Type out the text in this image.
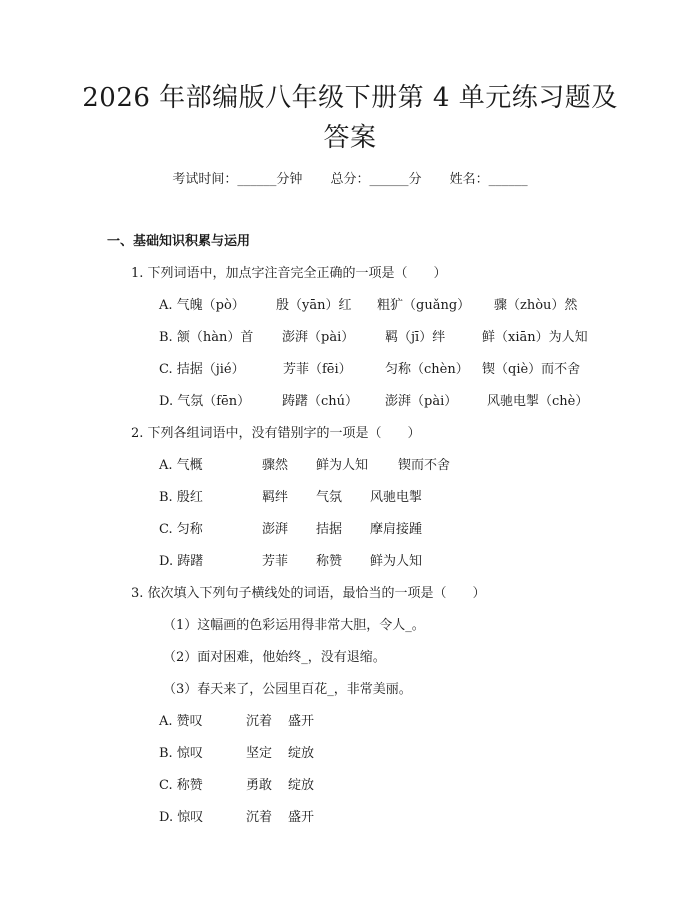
2026 年部编版八年级下册第 4 单元练习题及
答案
考试时间：______分钟 总分：______分 姓名：______
一、基础知识积累与运用
1. 下列词语中，加点字注音完全正确的一项是（　　）
A. 气魄（pò） 殷（yān）红 粗犷（guǎng） 骤（zhòu）然
B. 颔（hàn）首 澎湃（pài） 羁（jī）绊	鲜（xiān）为人知
C. 拮据（jié）	芳菲（fēi）	匀称（chèn） 锲（qiè）而不舍
D. 气氛（fēn） 踌躇（chú） 澎湃（pài） 风驰电掣（chè）
2. 下列各组词语中，没有错别字的一项是（　　）
A. 气概	骤然 鲜为人知 锲而不舍
B. 殷红	羁绊 气氛 风驰电掣
C. 匀称	澎湃 拮据 摩肩接踵
D. 踌躇	芳菲 称赞 鲜为人知
3. 依次填入下列句子横线处的词语，最恰当的一项是（　　）
（1）这幅画的色彩运用得非常大胆，令人_。
（2）面对困难，他始终_，没有退缩。
（3）春天来了，公园里百花_，非常美丽。
A. 赞叹	沉着 盛开
B. 惊叹	坚定 绽放
C. 称赞	勇敢 绽放
D. 惊叹	沉着 盛开
